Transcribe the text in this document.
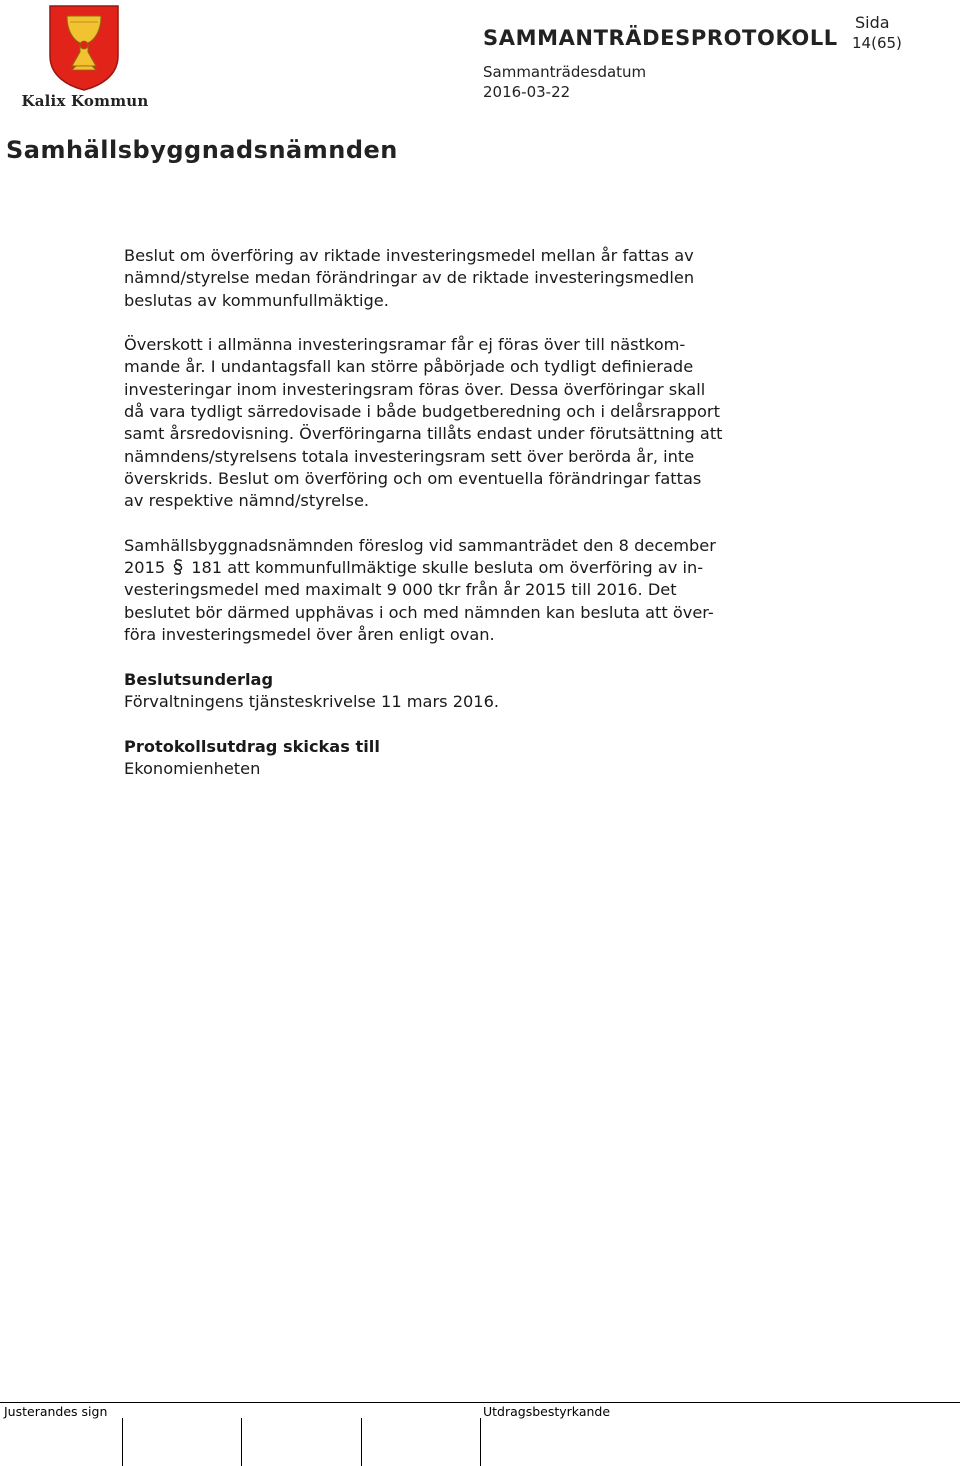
Kalix Kommun
SAMMANTRÄDESPROTOKOLL
Sida
14(65)
Sammanträdesdatum
2016-03-22
Samhällsbyggnadsnämnden

Beslut om överföring av riktade investeringsmedel mellan år fattas av
nämnd/styrelse medan förändringar av de riktade investeringsmedlen
beslutas av kommunfullmäktige.

Överskott i allmänna investeringsramar får ej föras över till nästkom-
mande år. I undantagsfall kan större påbörjade och tydligt definierade
investeringar inom investeringsram föras över. Dessa överföringar skall
då vara tydligt särredovisade i både budgetberedning och i delårsrapport
samt årsredovisning. Överföringarna tillåts endast under förutsättning att
nämndens/styrelsens totala investeringsram sett över berörda år, inte
överskrids. Beslut om överföring och om eventuella förändringar fattas
av respektive nämnd/styrelse.

Samhällsbyggnadsnämnden föreslog vid sammanträdet den 8 december
2015 181 att kommunfullmäktige skulle besluta om överföring av in-
vesteringsmedel med maximalt 9 000 tkr från år 2015 till 2016. Det
beslutet bör därmed upphävas i och med nämnden kan besluta att över-
föra investeringsmedel över åren enligt ovan.

Beslutsunderlag
Förvaltningens tjänsteskrivelse 11 mars 2016.

Protokollsutdrag skickas till
Ekonomienheten

Justerandes sign	Utdragsbestyrkande
